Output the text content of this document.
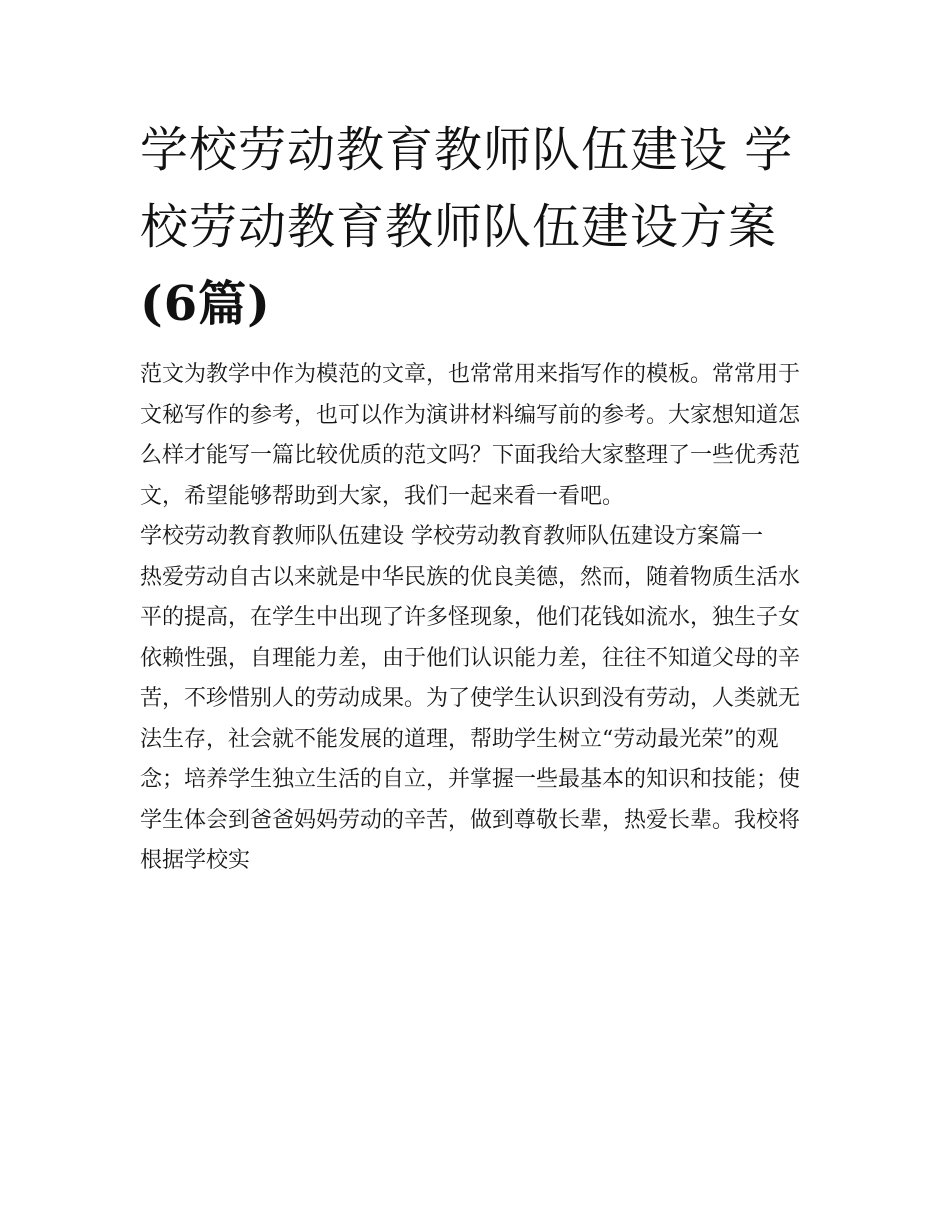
学校劳动教育教师队伍建设 学校劳动教育教师队伍建设方案(6篇)

范文为教学中作为模范的文章，也常常用来指写作的模板。常常用于文秘写作的参考，也可以作为演讲材料编写前的参考。大家想知道怎么样才能写一篇比较优质的范文吗？下面我给大家整理了一些优秀范文，希望能够帮助到大家，我们一起来看一看吧。

学校劳动教育教师队伍建设 学校劳动教育教师队伍建设方案篇一

热爱劳动自古以来就是中华民族的优良美德，然而，随着物质生活水平的提高，在学生中出现了许多怪现象，他们花钱如流水，独生子女依赖性强，自理能力差，由于他们认识能力差，往往不知道父母的辛苦，不珍惜别人的劳动成果。为了使学生认识到没有劳动，人类就无法生存，社会就不能发展的道理，帮助学生树立“劳动最光荣”的观念；培养学生独立生活的自立，并掌握一些最基本的知识和技能；使学生体会到爸爸妈妈劳动的辛苦，做到尊敬长辈，热爱长辈。我校将根据学校实
